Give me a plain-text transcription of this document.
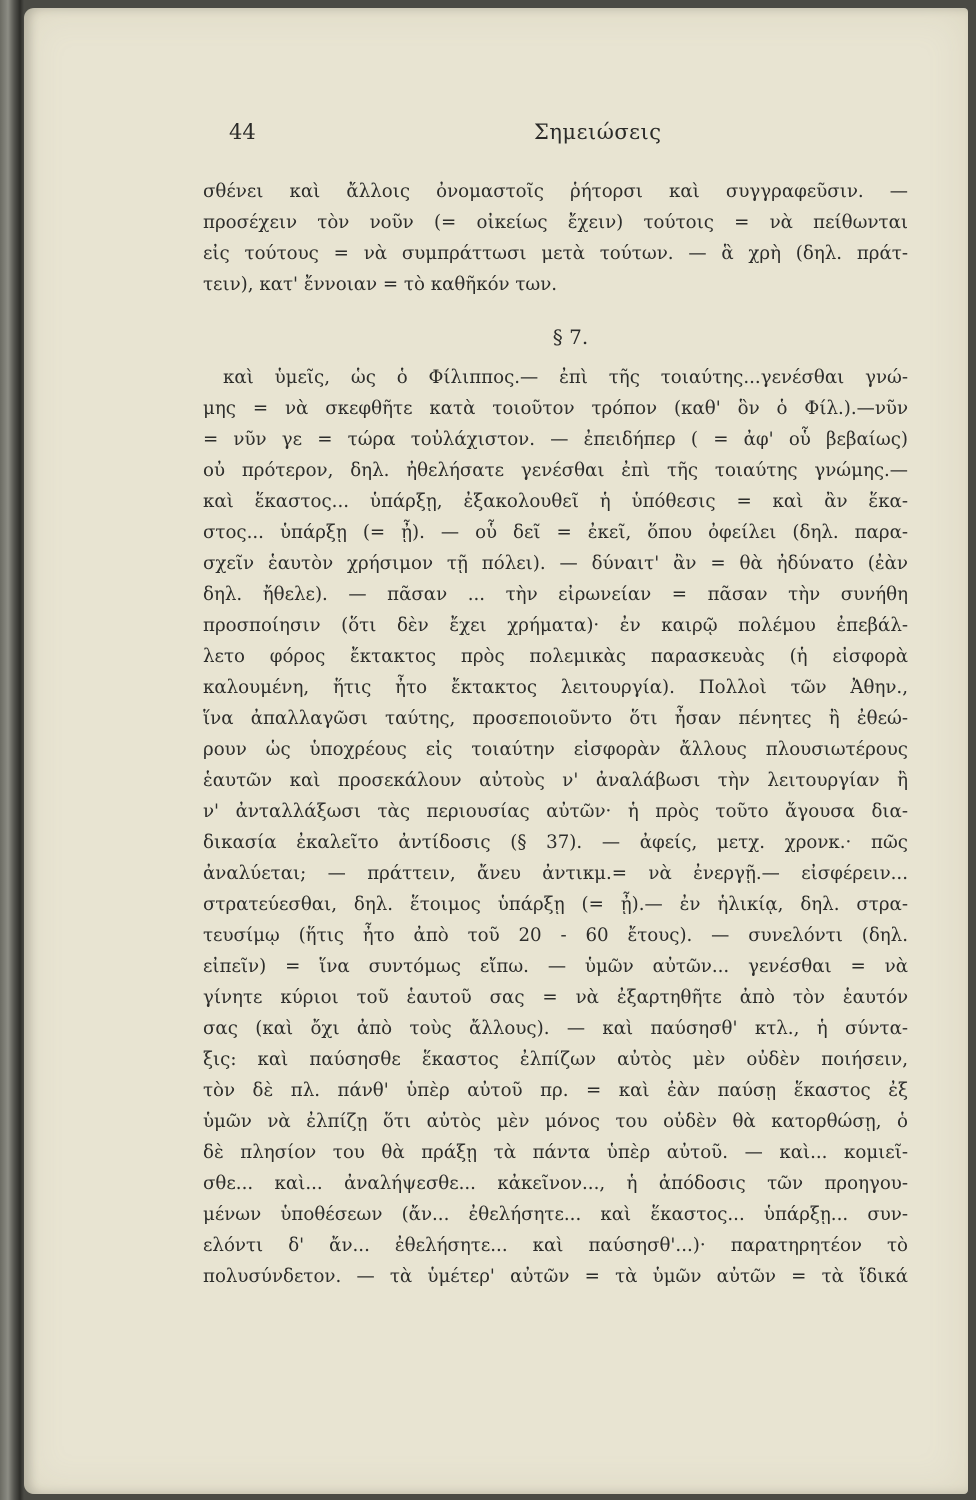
44	Σημειώσεις
σθένει καὶ ἄλλοις ὀνομαστοῖς ῥήτορσι καὶ συγγραφεῦσιν. —
προσέχειν τὸν νοῦν (= οἰκείως ἔχειν) τούτοις = νὰ πείθωνται
εἰς τούτους = νὰ συμπράττωσι μετὰ τούτων. — ἃ χρὴ (δηλ. πράτ-
τειν), κατ' ἔννοιαν = τὸ καθῆκόν των.
§ 7.
καὶ ὑμεῖς, ὡς ὁ Φίλιππος.— ἐπὶ τῆς τοιαύτης...γενέσθαι γνώ-
μης = νὰ σκεφθῆτε κατὰ τοιοῦτον τρόπον (καθ' ὃν ὁ Φίλ.).—νῦν
= νῦν γε = τώρα τοὐλάχιστον. — ἐπειδήπερ ( = ἀφ' οὗ βεβαίως)
οὐ πρότερον, δηλ. ἠθελήσατε γενέσθαι ἐπὶ τῆς τοιαύτης γνώμης.—
καὶ ἕκαστος... ὑπάρξῃ, ἐξακολουθεῖ ἡ ὑπόθεσις = καὶ ἂν ἕκα-
στος... ὑπάρξῃ (= ᾖ). — οὗ δεῖ = ἐκεῖ, ὅπου ὀφείλει (δηλ. παρα-
σχεῖν ἑαυτὸν χρήσιμον τῇ πόλει). — δύναιτ' ἂν = θὰ ἠδύνατο (ἐὰν
δηλ. ἤθελε). — πᾶσαν ... τὴν εἰρωνείαν = πᾶσαν τὴν συνήθη
προσποίησιν (ὅτι δὲν ἔχει χρήματα)· ἐν καιρῷ πολέμου ἐπεβάλ-
λετο φόρος ἔκτακτος πρὸς πολεμικὰς παρασκευὰς (ἡ εἰσφορὰ
καλουμένη, ἥτις ἦτο ἔκτακτος λειτουργία). Πολλοὶ τῶν Ἀθην.,
ἵνα ἀπαλλαγῶσι ταύτης, προσεποιοῦντο ὅτι ἦσαν πένητες ἢ ἐθεώ-
ρουν ὡς ὑποχρέους εἰς τοιαύτην εἰσφορὰν ἄλλους πλουσιωτέρους
ἑαυτῶν καὶ προσεκάλουν αὐτοὺς ν' ἀναλάβωσι τὴν λειτουργίαν ἢ
ν' ἀνταλλάξωσι τὰς περιουσίας αὐτῶν· ἡ πρὸς τοῦτο ἄγουσα δια-
δικασία ἐκαλεῖτο ἀντίδοσις (§ 37). — ἀφείς, μετχ. χρονκ.· πῶς
ἀναλύεται; — πράττειν, ἄνευ ἀντικμ.= νὰ ἐνεργῇ.— εἰσφέρειν...
στρατεύεσθαι, δηλ. ἕτοιμος ὑπάρξῃ (= ᾖ).— ἐν ἡλικίᾳ, δηλ. στρα-
τευσίμῳ (ἥτις ἦτο ἀπὸ τοῦ 20 - 60 ἔτους). — συνελόντι (δηλ.
εἰπεῖν) = ἵνα συντόμως εἴπω. — ὑμῶν αὐτῶν... γενέσθαι = νὰ
γίνητε κύριοι τοῦ ἑαυτοῦ σας = νὰ ἐξαρτηθῆτε ἀπὸ τὸν ἑαυτόν
σας (καὶ ὄχι ἀπὸ τοὺς ἄλλους). — καὶ παύσησθ' κτλ., ἡ σύντα-
ξις: καὶ παύσησθε ἕκαστος ἐλπίζων αὐτὸς μὲν οὐδὲν ποιήσειν,
τὸν δὲ πλ. πάνθ' ὑπὲρ αὐτοῦ πρ. = καὶ ἐὰν παύσῃ ἕκαστος ἐξ
ὑμῶν νὰ ἐλπίζῃ ὅτι αὐτὸς μὲν μόνος του οὐδὲν θὰ κατορθώσῃ, ὁ
δὲ πλησίον του θὰ πράξῃ τὰ πάντα ὑπὲρ αὐτοῦ. — καὶ... κομιεῖ-
σθε... καὶ... ἀναλήψεσθε... κἀκεῖνον..., ἡ ἀπόδοσις τῶν προηγου-
μένων ὑποθέσεων (ἄν... ἐθελήσητε... καὶ ἕκαστος... ὑπάρξῃ... συν-
ελόντι δ' ἄν... ἐθελήσητε... καὶ παύσησθ'...)· παρατηρητέον τὸ
πολυσύνδετον. — τὰ ὑμέτερ' αὐτῶν = τὰ ὑμῶν αὐτῶν = τὰ ἴδικά
